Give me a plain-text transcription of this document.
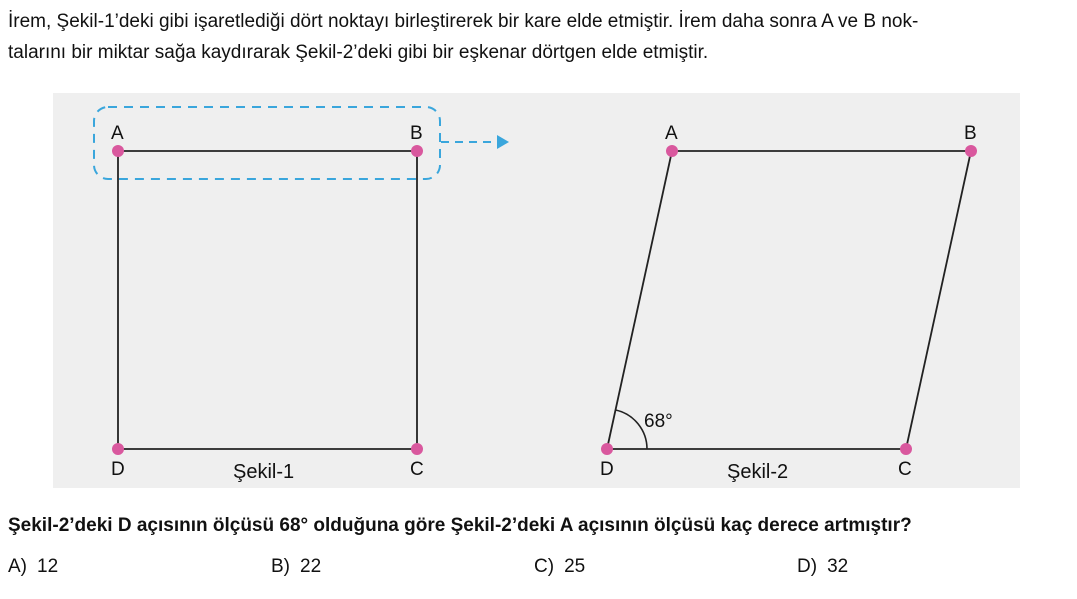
İrem, Şekil-1’deki gibi işaretlediği dört noktayı birleştirerek bir kare elde etmiştir. İrem daha sonra A ve B nok-
talarını bir miktar sağa kaydırarak Şekil-2’deki gibi bir eşkenar dörtgen elde etmiştir.

A	B
C
D	Şekil-1
68°
A	B
C
D	Şekil-2

Şekil-2’deki D açısının ölçüsü 68° olduğuna göre Şekil-2’deki A açısının ölçüsü kaç derece artmıştır?

A) 12	B) 22	C) 25	D) 32
